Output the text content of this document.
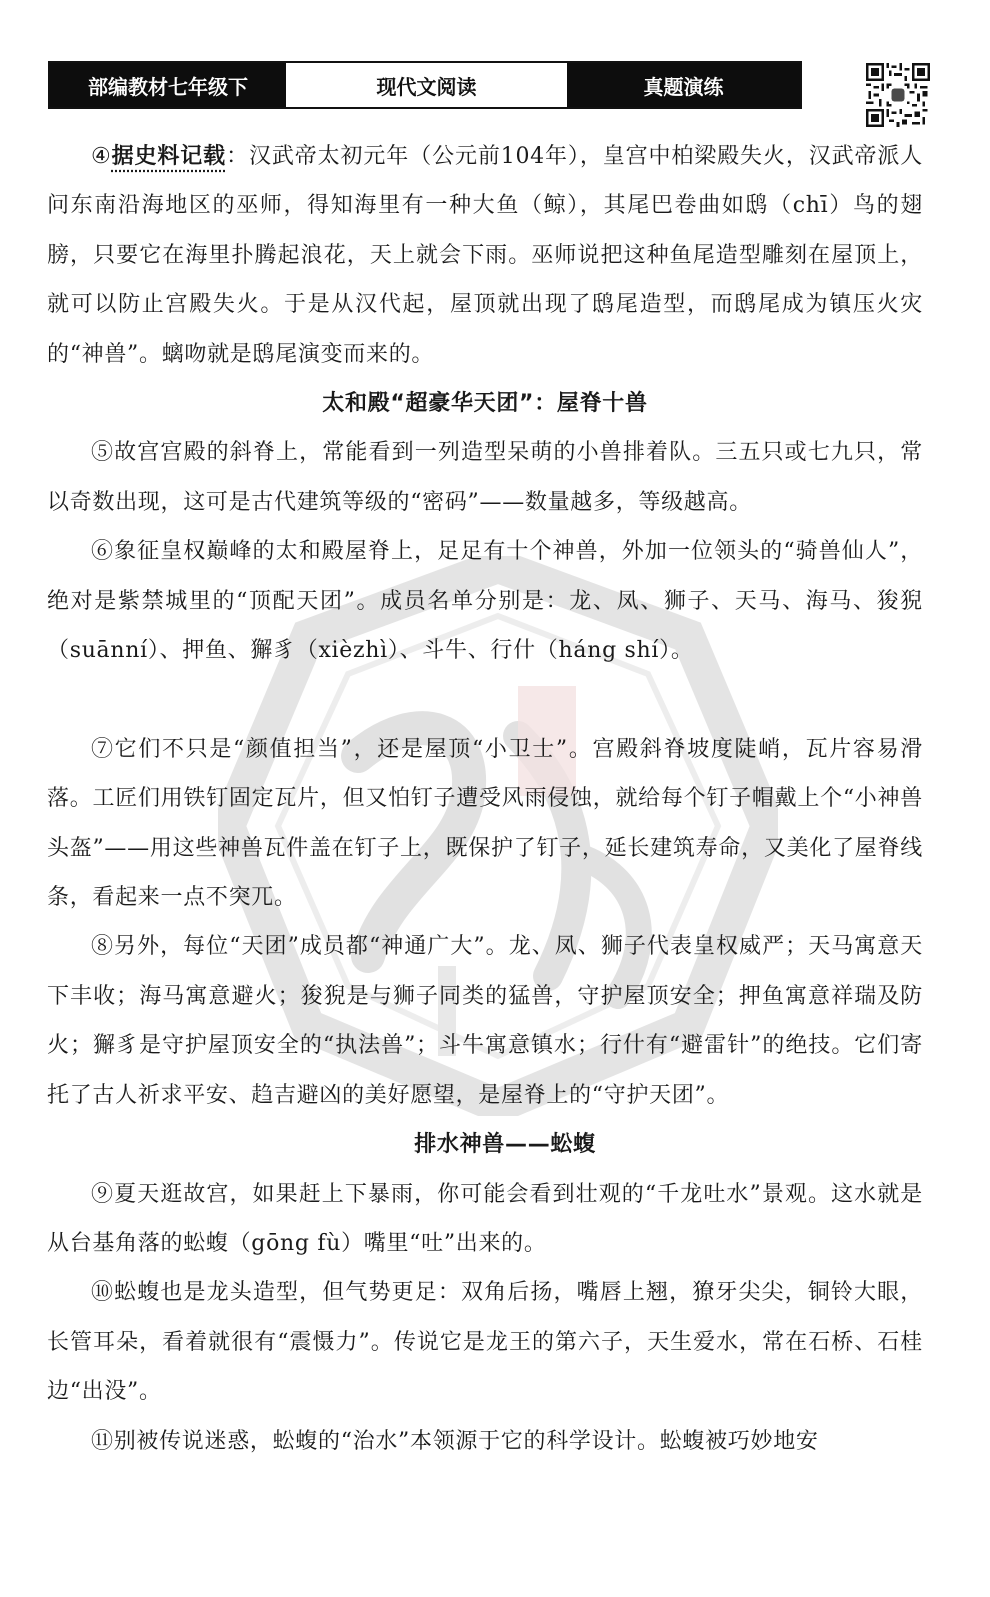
部编教材七年级下	现代文阅读	真题演练

④据史料记载：汉武帝太初元年（公元前104年），皇宫中柏梁殿失火，汉武帝派人问东南沿海地区的巫师，得知海里有一种大鱼（鲸），其尾巴卷曲如鸱（chī）鸟的翅膀，只要它在海里扑腾起浪花，天上就会下雨。巫师说把这种鱼尾造型雕刻在屋顶上，就可以防止宫殿失火。于是从汉代起，屋顶就出现了鸱尾造型，而鸱尾成为镇压火灾的“神兽”。螭吻就是鸱尾演变而来的。

太和殿“超豪华天团”：屋脊十兽

⑤故宫宫殿的斜脊上，常能看到一列造型呆萌的小兽排着队。三五只或七九只，常以奇数出现，这可是古代建筑等级的“密码”——数量越多，等级越高。

⑥象征皇权巅峰的太和殿屋脊上，足足有十个神兽，外加一位领头的“骑兽仙人”，绝对是紫禁城里的“顶配天团”。成员名单分别是：龙、凤、狮子、天马、海马、狻猊（suānní）、押鱼、獬豸（xièzhì）、斗牛、行什（háng shí）。

⑦它们不只是“颜值担当”，还是屋顶“小卫士”。宫殿斜脊坡度陡峭，瓦片容易滑落。工匠们用铁钉固定瓦片，但又怕钉子遭受风雨侵蚀，就给每个钉子帽戴上个“小神兽头盔”——用这些神兽瓦件盖在钉子上，既保护了钉子，延长建筑寿命，又美化了屋脊线条，看起来一点不突兀。

⑧另外，每位“天团”成员都“神通广大”。龙、凤、狮子代表皇权威严；天马寓意天下丰收；海马寓意避火；狻猊是与狮子同类的猛兽，守护屋顶安全；押鱼寓意祥瑞及防火；獬豸是守护屋顶安全的“执法兽”；斗牛寓意镇水；行什有“避雷针”的绝技。它们寄托了古人祈求平安、趋吉避凶的美好愿望，是屋脊上的“守护天团”。

排水神兽——蚣蝮

⑨夏天逛故宫，如果赶上下暴雨，你可能会看到壮观的“千龙吐水”景观。这水就是从台基角落的蚣蝮（gōng fù）嘴里“吐”出来的。

⑩蚣蝮也是龙头造型，但气势更足：双角后扬，嘴唇上翘，獠牙尖尖，铜铃大眼，长管耳朵，看着就很有“震慑力”。传说它是龙王的第六子，天生爱水，常在石桥、石桂边“出没”。

⑪别被传说迷惑，蚣蝮的“治水”本领源于它的科学设计。蚣蝮被巧妙地安
